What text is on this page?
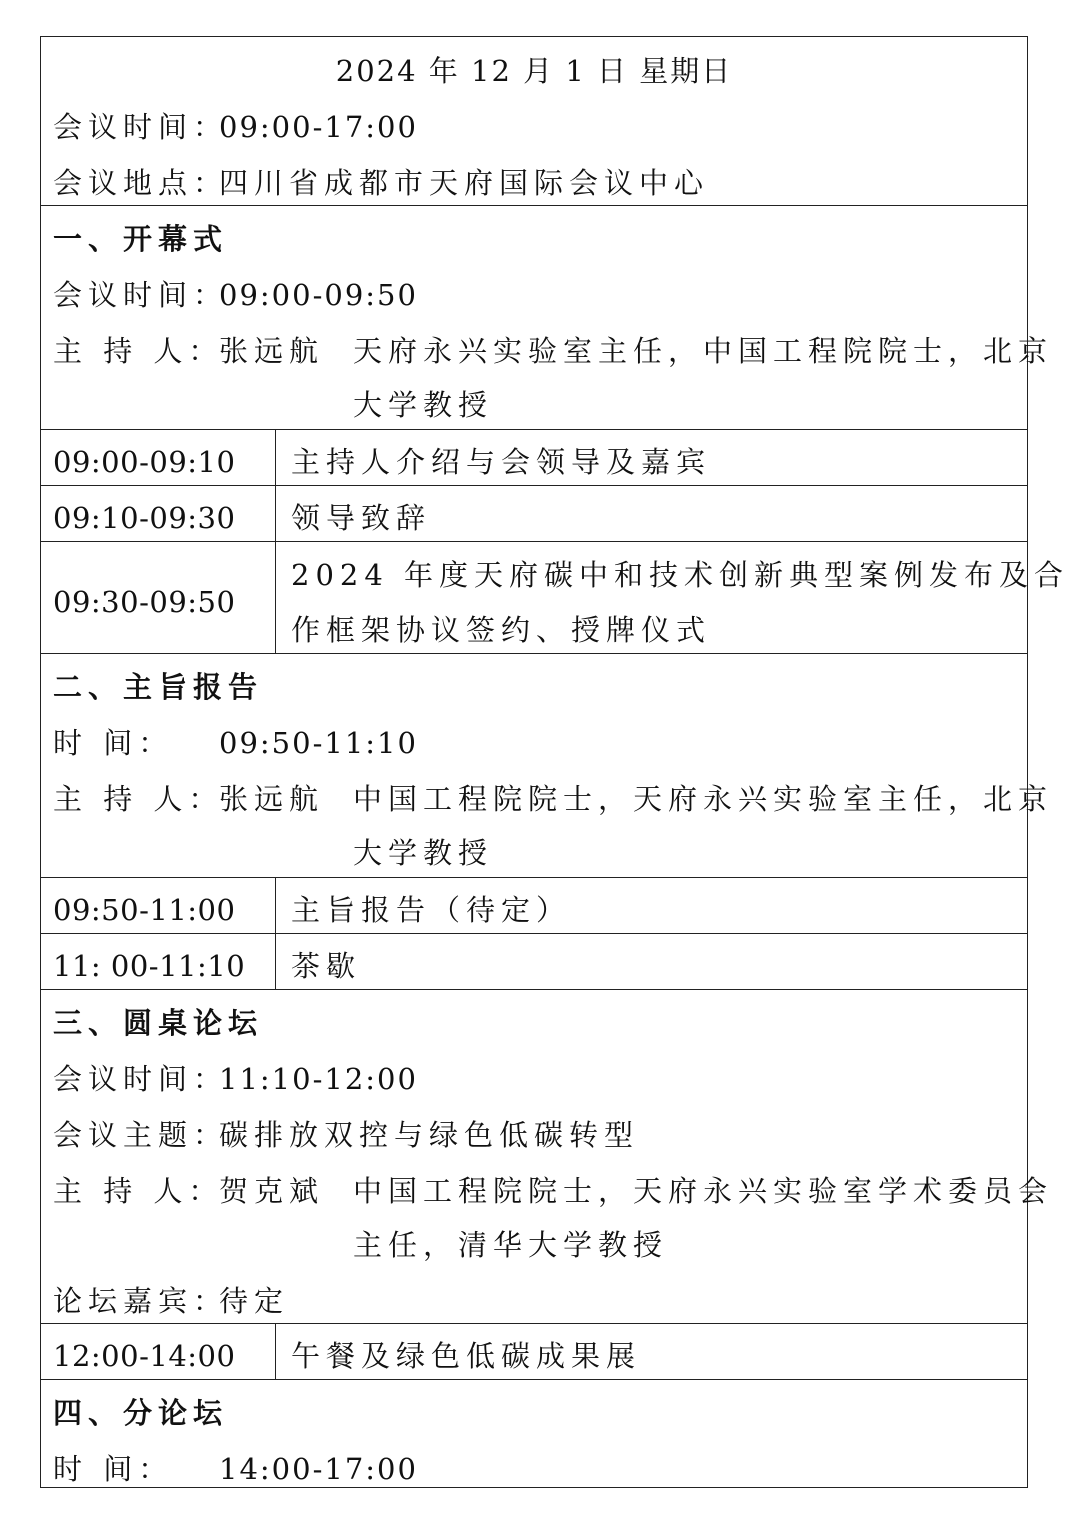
2024 年 12 月 1 日 星期日
会议时间：
09:00-17:00
会议地点：
四川省成都市天府国际会议中心
一、开幕式
会议时间：
09:00-09:50
主 持 人：
张远航 天府永兴实验室主任，中国工程院院士，北京
大学教授
09:00-09:10 主持人介绍与会领导及嘉宾
09:10-09:30 领导致辞
09:30-09:50
2024 年度天府碳中和技术创新典型案例发布及合
作框架协议签约、授牌仪式
二、主旨报告
时 间： 09:50-11:10
主 持 人：
张远航 中国工程院院士，天府永兴实验室主任，北京
大学教授
09:50-11:00 主旨报告（待定）
11: 00-11:10 茶歇
三、圆桌论坛
会议时间：
11:10-12:00
会议主题：
碳排放双控与绿色低碳转型
主 持 人：
贺克斌 中国工程院院士，天府永兴实验室学术委员会
主任，清华大学教授
论坛嘉宾：
待定
12:00-14:00 午餐及绿色低碳成果展
四、分论坛
时 间： 14:00-17:00
